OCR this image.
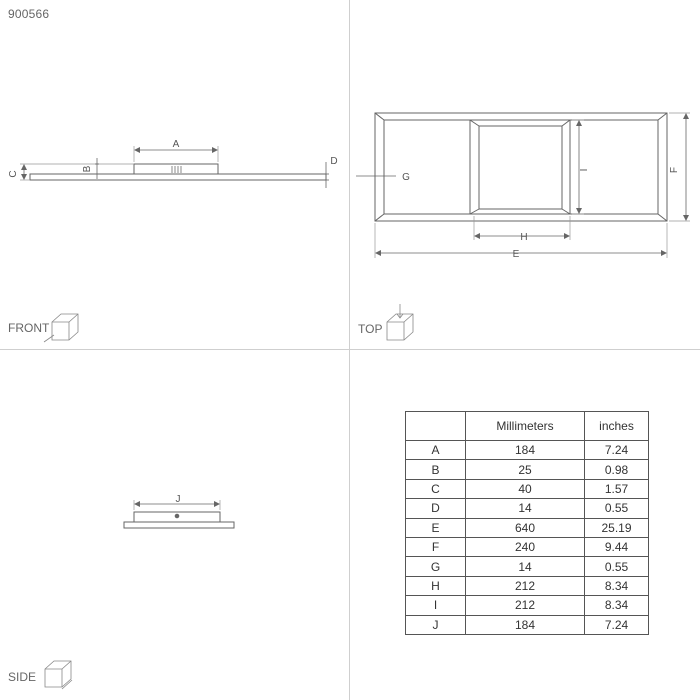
900566
A
B
C
D
FRONT
E
F
G
H
I
TOP
J
SIDE
	Millimeters	inches
A	184	7.24
B	25	0.98
C	40	1.57
D	14	0.55
E	640	25.19
F	240	9.44
G	14	0.55
H	212	8.34
I	212	8.34
J	184	7.24
